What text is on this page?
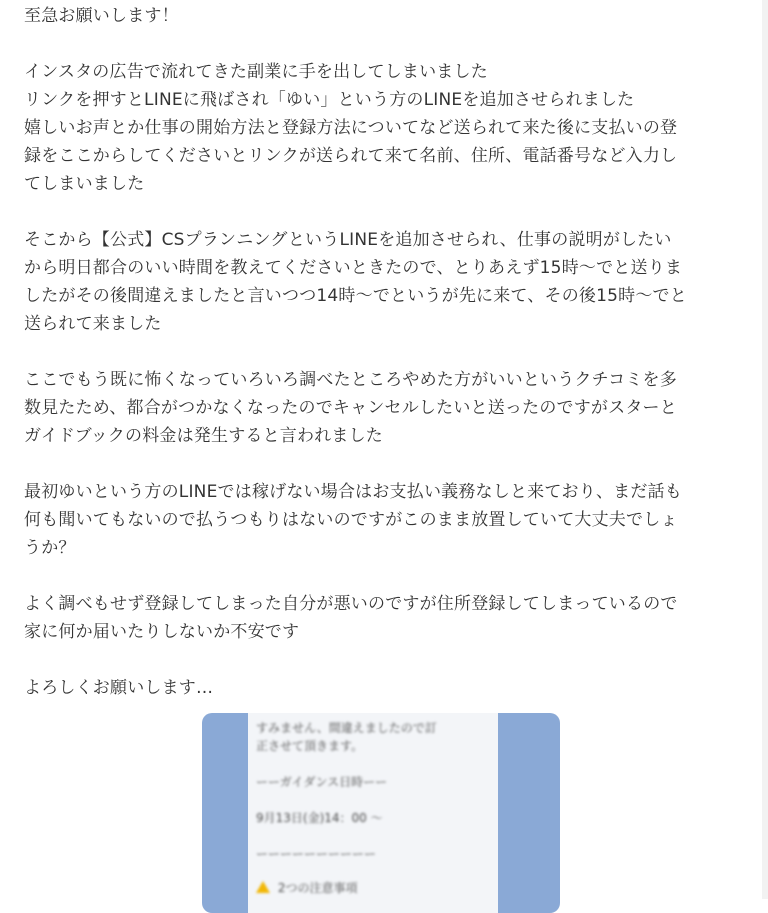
至急お願いします！

インスタの広告で流れてきた副業に手を出してしまいました
リンクを押すとLINEに飛ばされ「ゆい」という方のLINEを追加させられました
嬉しいお声とか仕事の開始方法と登録方法についてなど送られて来た後に支払いの登
録をここからしてくださいとリンクが送られて来て名前、住所、電話番号など入力し
てしまいました

そこから【公式】CSプランニングというLINEを追加させられ、仕事の説明がしたい
から明日都合のいい時間を教えてくださいときたので、とりあえず15時～でと送りま
したがその後間違えましたと言いつつ14時～でというが先に来て、その後15時～でと
送られて来ました

ここでもう既に怖くなっていろいろ調べたところやめた方がいいというクチコミを多
数見たため、都合がつかなくなったのでキャンセルしたいと送ったのですがスターと
ガイドブックの料金は発生すると言われました

最初ゆいという方のLINEでは稼げない場合はお支払い義務なしと来ており、まだ話も
何も聞いてもないので払うつもりはないのですがこのまま放置していて大丈夫でしょ
うか？

よく調べもせず登録してしまった自分が悪いのですが住所登録してしまっているので
家に何か届いたりしないか不安です

よろしくお願いします…

すみません、間違えましたので訂
正させて頂きます。
ーーガイダンス日時ーー
9月13日(金)14：00 〜
ーーーーーーーーーー
2つの注意事項
